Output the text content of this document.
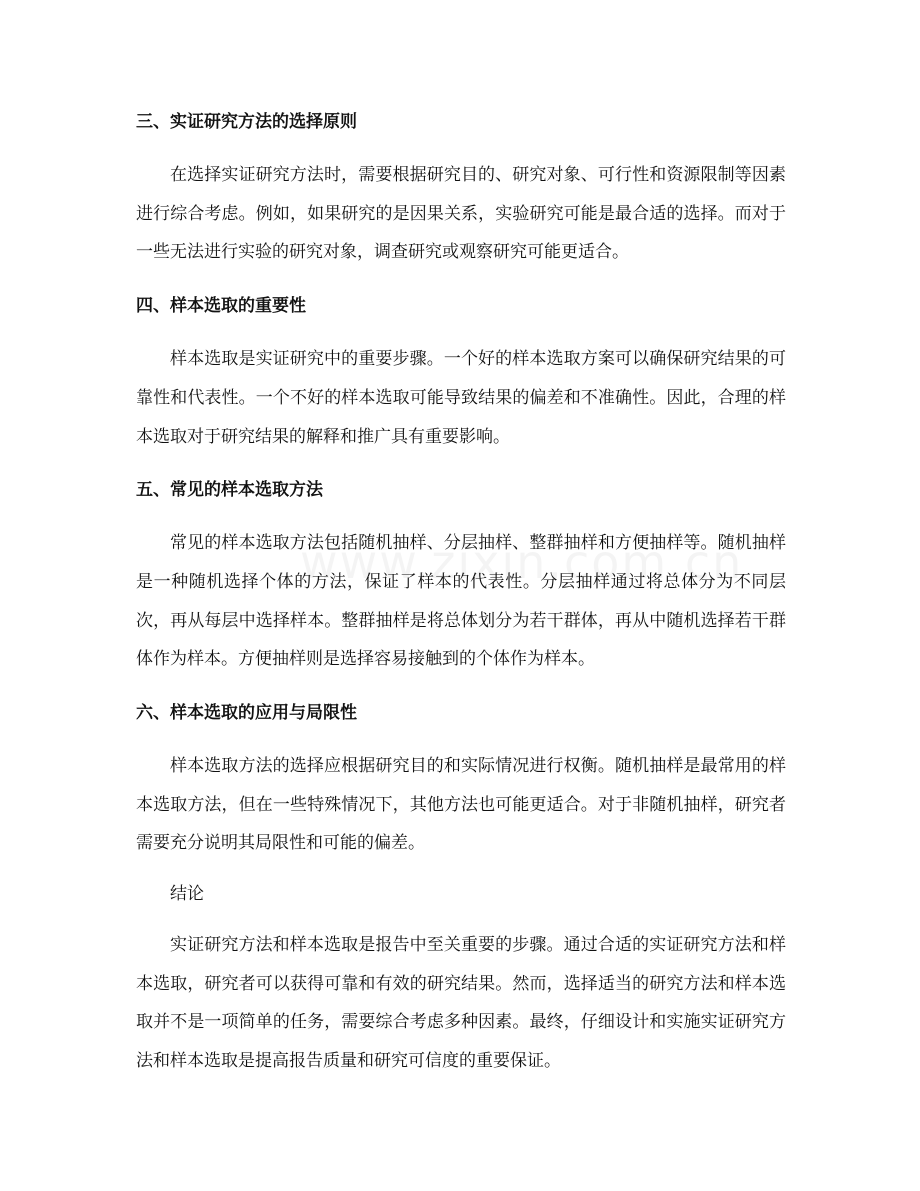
三、实证研究方法的选择原则

在选择实证研究方法时，需要根据研究目的、研究对象、可行性和资源限制等因素进行综合考虑。例如，如果研究的是因果关系，实验研究可能是最合适的选择。而对于一些无法进行实验的研究对象，调查研究或观察研究可能更适合。

四、样本选取的重要性

样本选取是实证研究中的重要步骤。一个好的样本选取方案可以确保研究结果的可靠性和代表性。一个不好的样本选取可能导致结果的偏差和不准确性。因此，合理的样本选取对于研究结果的解释和推广具有重要影响。

五、常见的样本选取方法

常见的样本选取方法包括随机抽样、分层抽样、整群抽样和方便抽样等。随机抽样是一种随机选择个体的方法，保证了样本的代表性。分层抽样通过将总体分为不同层次，再从每层中选择样本。整群抽样是将总体划分为若干群体，再从中随机选择若干群体作为样本。方便抽样则是选择容易接触到的个体作为样本。

六、样本选取的应用与局限性

样本选取方法的选择应根据研究目的和实际情况进行权衡。随机抽样是最常用的样本选取方法，但在一些特殊情况下，其他方法也可能更适合。对于非随机抽样，研究者需要充分说明其局限性和可能的偏差。

结论

实证研究方法和样本选取是报告中至关重要的步骤。通过合适的实证研究方法和样本选取，研究者可以获得可靠和有效的研究结果。然而，选择适当的研究方法和样本选取并不是一项简单的任务，需要综合考虑多种因素。最终，仔细设计和实施实证研究方法和样本选取是提高报告质量和研究可信度的重要保证。
